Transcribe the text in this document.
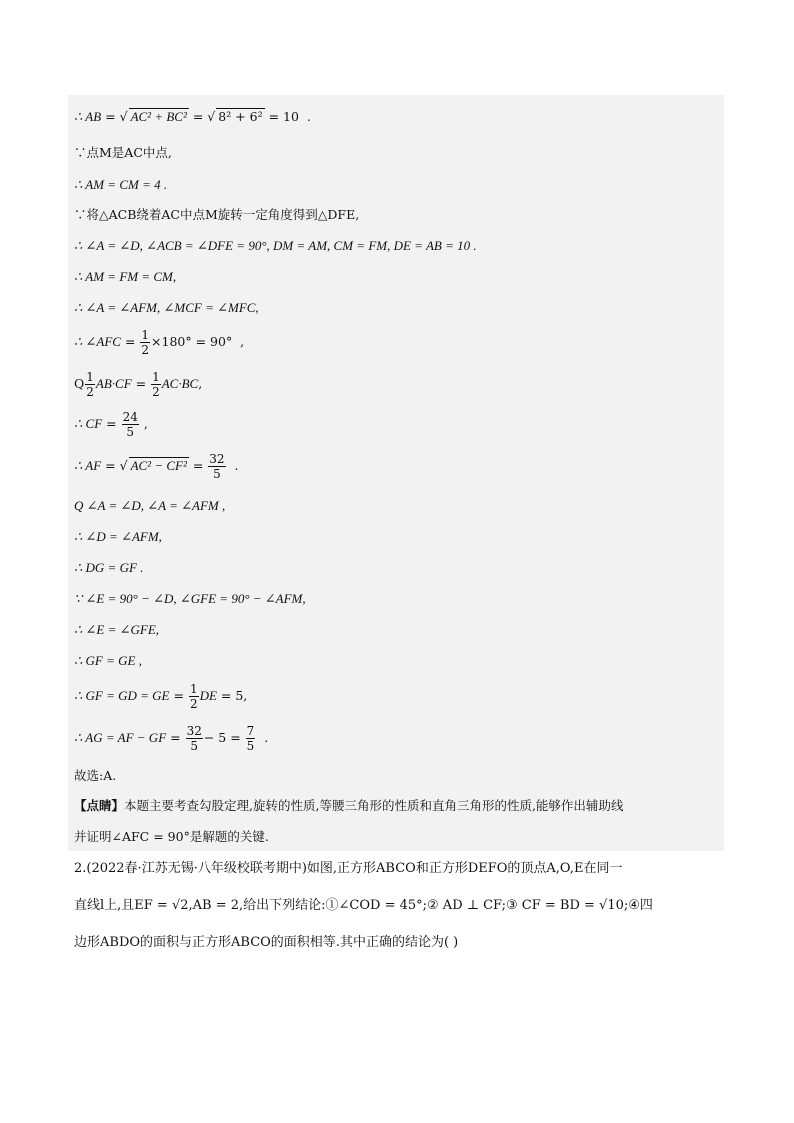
∴ AB = √ AC² + BC² = √ 8² + 6² = 10  .
∵点M是AC中点,
∴ AM = CM = 4 .
∵将△ACB绕着AC中点M旋转一定角度得到△DFE,
∴ ∠A = ∠D, ∠ACB = ∠DFE = 90°, DM = AM, CM = FM, DE = AB = 10 .
∴ AM = FM = CM,
∴ ∠A = ∠AFM, ∠MCF = ∠MFC,
∴ ∠AFC = $\frac{1}{2} \times 180^\circ = 90^\circ$  ,
Q $\frac{1}{2} AB\cdot CF = \frac{1}{2} AC\cdot BC$,
∴ CF = $\frac{24}{5}$ ,
∴ AF = √ $AC^2 - CF^2 = \frac{32}{5}$ .
Q ∠A = ∠D, ∠A = ∠AFM ,
∴ ∠D = ∠AFM,
∴ DG = GF .
∵ ∠E = 90° − ∠D, ∠GFE = 90° − ∠AFM,
∴ ∠E = ∠GFE,
∴ GF = GE ,
∴ GF = GD = GE = $\frac{1}{2}$ DE = 5,
∴ AG = AF − GF = $\frac{32}{5} - 5 = \frac{7}{5}$ .
故选:A.
【点睛】本题主要考查勾股定理,旋转的性质,等腰三角形的性质和直角三角形的性质,能够作出辅助线
并证明∠AFC = 90°是解题的关键.
2.(2022春·江苏无锡·八年级校联考期中)如图,正方形ABCO和正方形DEFO的顶点A,O,E在同一
直线l上,且EF = √2,AB = 2,给出下列结论:①∠COD = 45°;② AD ⊥ CF;③ CF = BD = √10;④四
边形ABDO的面积与正方形ABCO的面积相等.其中正确的结论为( )
